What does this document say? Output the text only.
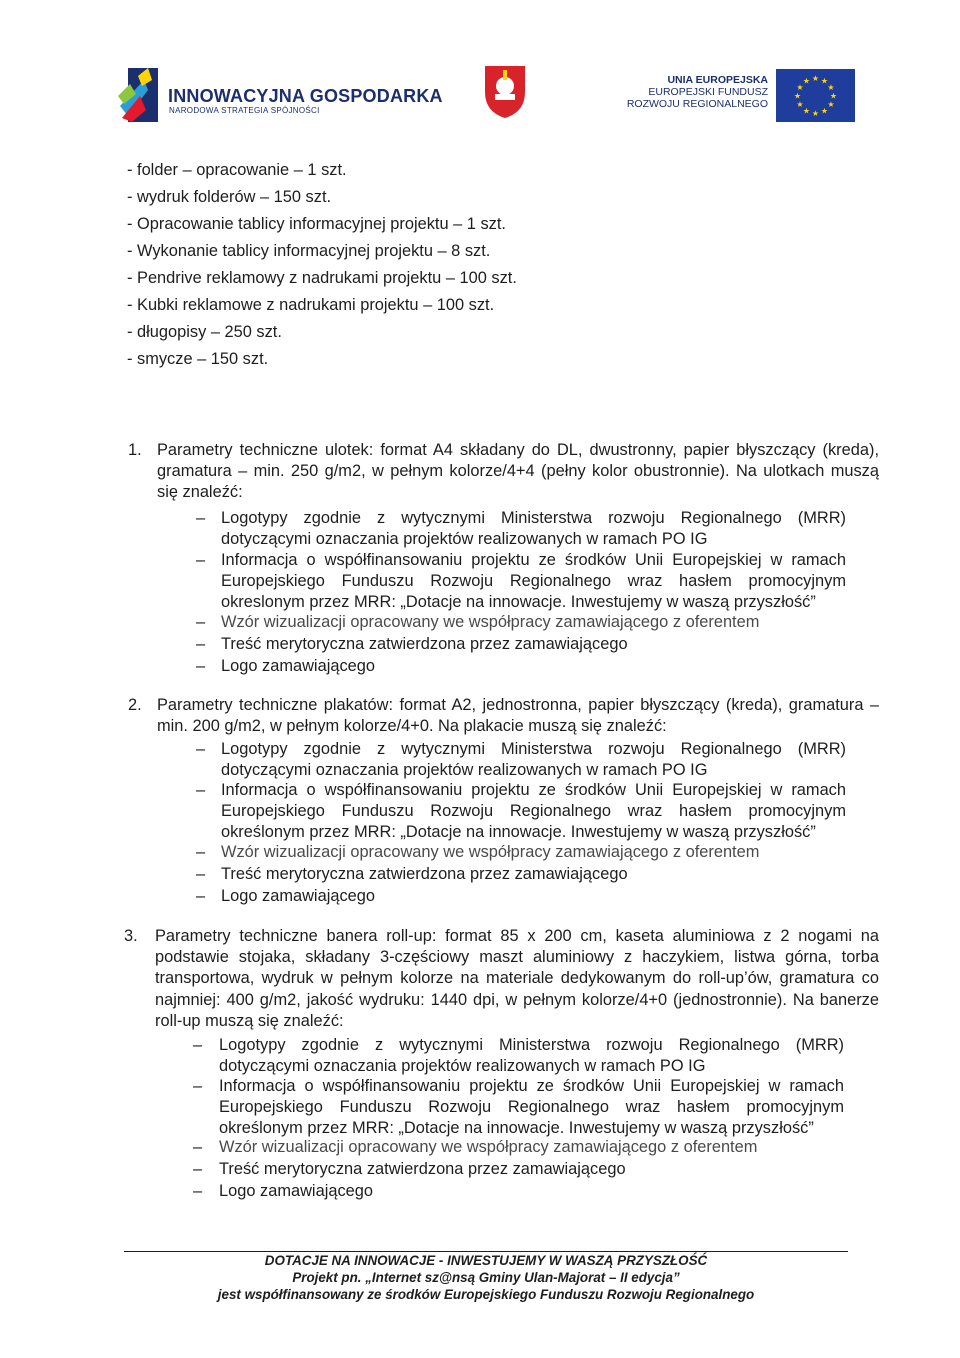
INNOWACYJNA GOSPODARKA
NARODOWA STRATEGIA SPÓJNOŚCI
UNIA EUROPEJSKA
EUROPEJSKI FUNDUSZ
ROZWOJU REGIONALNEGO
★ ★
★
★
★
★
★
★
★
★
★
★
- folder – opracowanie – 1 szt.
- wydruk folderów – 150 szt.
- Opracowanie tablicy informacyjnej projektu – 1 szt.
- Wykonanie tablicy informacyjnej projektu – 8 szt.
- Pendrive reklamowy z nadrukami projektu – 100 szt.
- Kubki reklamowe z nadrukami projektu – 100 szt.
- długopisy – 250 szt.
- smycze – 150 szt.
1. Parametry techniczne ulotek: format A4 składany do DL, dwustronny, papier błyszczący (kreda), gramatura – min. 250 g/m2, w pełnym kolorze/4+4 (pełny kolor obustronnie). Na ulotkach muszą się znaleźć:
– Logotypy zgodnie z wytycznymi Ministerstwa rozwoju Regionalnego (MRR) dotyczącymi oznaczania projektów realizowanych w ramach PO IG
– Informacja o współfinansowaniu projektu ze środków Unii Europejskiej w ramach Europejskiego Funduszu Rozwoju Regionalnego wraz hasłem promocyjnym okreslonym przez MRR: „Dotacje na innowacje. Inwestujemy w waszą przyszłość”
– Wzór wizualizacji opracowany we współpracy zamawiającego z oferentem
– Treść merytoryczna zatwierdzona przez zamawiającego
– Logo zamawiającego
2. Parametry techniczne plakatów: format A2, jednostronna, papier błyszczący (kreda), gramatura – min. 200 g/m2, w pełnym kolorze/4+0. Na plakacie muszą się znaleźć:
– Logotypy zgodnie z wytycznymi Ministerstwa rozwoju Regionalnego (MRR) dotyczącymi oznaczania projektów realizowanych w ramach PO IG
– Informacja o współfinansowaniu projektu ze środków Unii Europejskiej w ramach Europejskiego Funduszu Rozwoju Regionalnego wraz hasłem promocyjnym określonym przez MRR: „Dotacje na innowacje. Inwestujemy w waszą przyszłość”
– Wzór wizualizacji opracowany we współpracy zamawiającego z oferentem
– Treść merytoryczna zatwierdzona przez zamawiającego
– Logo zamawiającego
3. Parametry techniczne banera roll-up: format 85 x 200 cm, kaseta aluminiowa z 2 nogami na podstawie stojaka, składany 3-częściowy maszt aluminiowy z haczykiem, listwa górna, torba transportowa, wydruk w pełnym kolorze na materiale dedykowanym do roll-up’ów, gramatura co najmniej: 400 g/m2, jakość wydruku: 1440 dpi, w pełnym kolorze/4+0 (jednostronnie). Na banerze roll-up muszą się znaleźć:
– Logotypy zgodnie z wytycznymi Ministerstwa rozwoju Regionalnego (MRR) dotyczącymi oznaczania projektów realizowanych w ramach PO IG
– Informacja o współfinansowaniu projektu ze środków Unii Europejskiej w ramach Europejskiego Funduszu Rozwoju Regionalnego wraz hasłem promocyjnym określonym przez MRR: „Dotacje na innowacje. Inwestujemy w waszą przyszłość”
– Wzór wizualizacji opracowany we współpracy zamawiającego z oferentem
– Treść merytoryczna zatwierdzona przez zamawiającego
– Logo zamawiającego
DOTACJE NA INNOWACJE - INWESTUJEMY W WASZĄ PRZYSZŁOŚĆ
Projekt pn. „Internet sz@nsą Gminy Ulan-Majorat – II edycja”
jest współfinansowany ze środków Europejskiego Funduszu Rozwoju Regionalnego
